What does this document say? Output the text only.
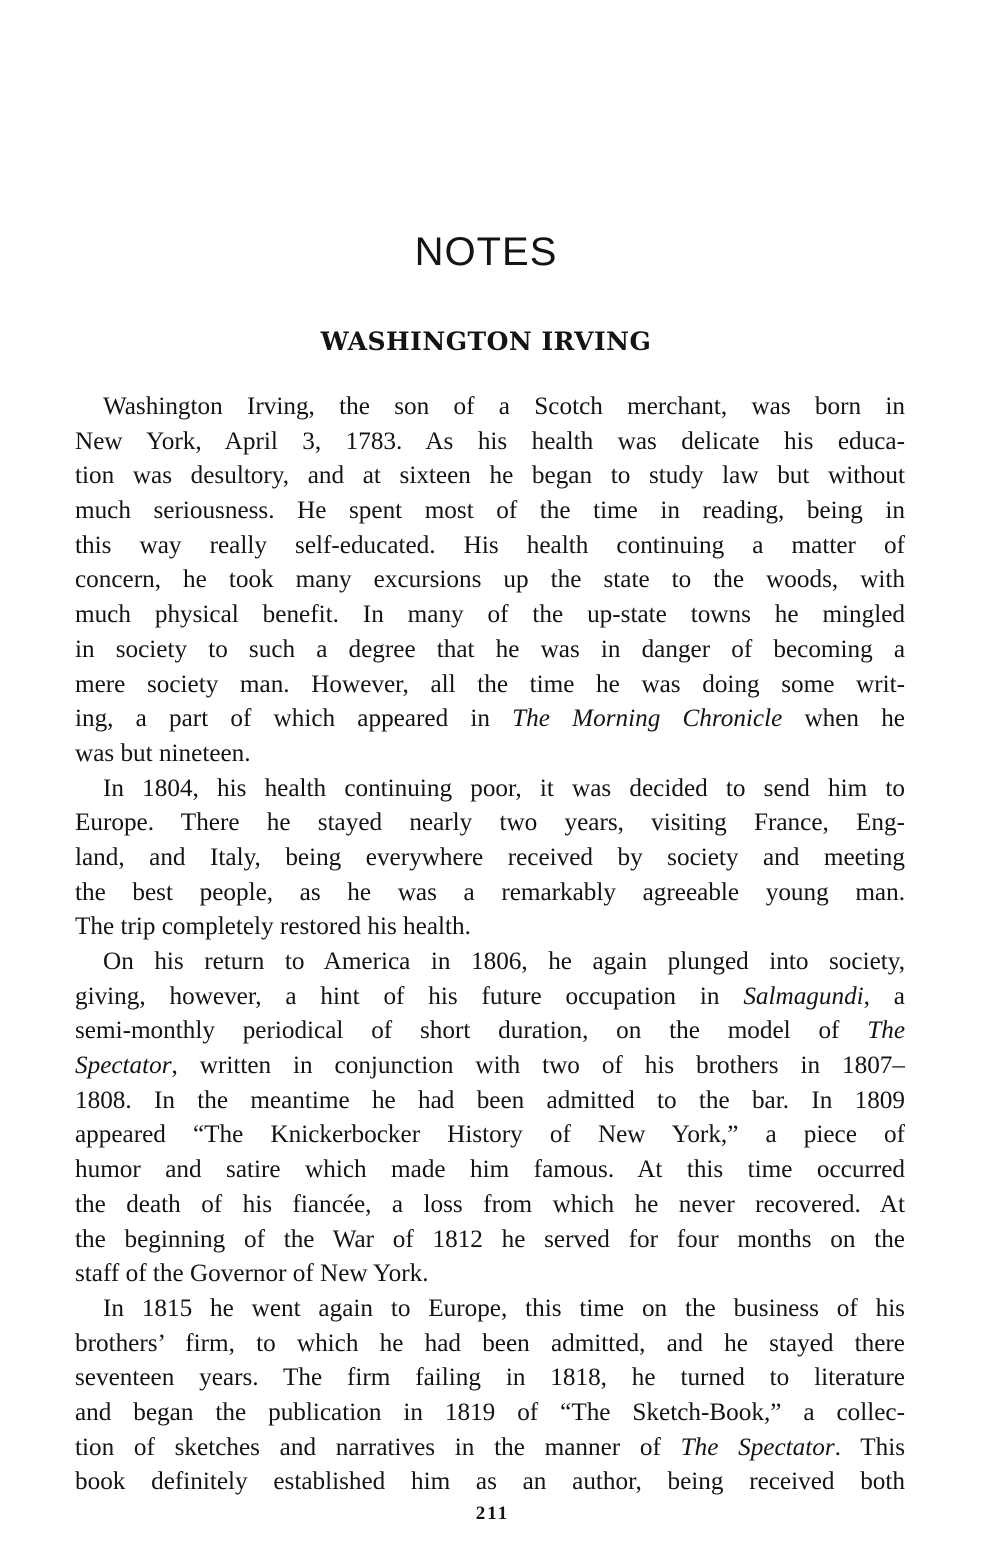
NOTES
WASHINGTON IRVING
Washington Irving, the son of a Scotch merchant, was born in
New York, April 3, 1783. As his health was delicate his educa-
tion was desultory, and at sixteen he began to study law but without
much seriousness. He spent most of the time in reading, being in
this way really self-educated. His health continuing a matter of
concern, he took many excursions up the state to the woods, with
much physical benefit. In many of the up-state towns he mingled
in society to such a degree that he was in danger of becoming a
mere society man. However, all the time he was doing some writ-
ing, a part of which appeared in The Morning Chronicle when he
was but nineteen.
In 1804, his health continuing poor, it was decided to send him to
Europe. There he stayed nearly two years, visiting France, Eng-
land, and Italy, being everywhere received by society and meeting
the best people, as he was a remarkably agreeable young man.
The trip completely restored his health.
On his return to America in 1806, he again plunged into society,
giving, however, a hint of his future occupation in Salmagundi, a
semi-monthly periodical of short duration, on the model of The
Spectator, written in conjunction with two of his brothers in 1807–
1808. In the meantime he had been admitted to the bar. In 1809
appeared “The Knickerbocker History of New York,” a piece of
humor and satire which made him famous. At this time occurred
the death of his fiancée, a loss from which he never recovered. At
the beginning of the War of 1812 he served for four months on the
staff of the Governor of New York.
In 1815 he went again to Europe, this time on the business of his
brothers’ firm, to which he had been admitted, and he stayed there
seventeen years. The firm failing in 1818, he turned to literature
and began the publication in 1819 of “The Sketch-Book,” a collec-
tion of sketches and narratives in the manner of The Spectator. This
book definitely established him as an author, being received both
211
